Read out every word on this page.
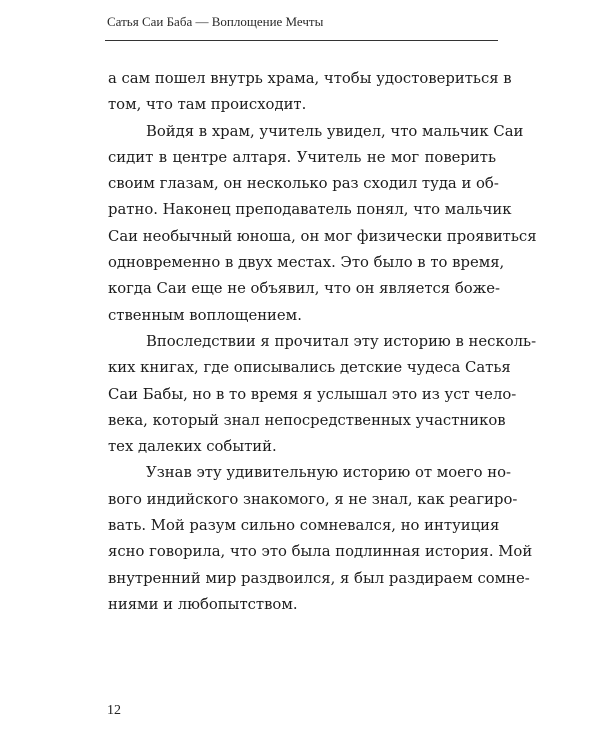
Сатья Саи Баба — Воплощение Мечты

а сам пошел внутрь храма, чтобы удостовериться в
том, что там происходит.

Войдя в храм, учитель увидел, что мальчик Саи
сидит в центре алтаря. Учитель не мог поверить
своим глазам, он несколько раз сходил туда и об-
ратно. Наконец преподаватель понял, что мальчик
Саи необычный юноша, он мог физически проявиться
одновременно в двух местах. Это было в то время,
когда Саи еще не объявил, что он является боже-
ственным воплощением.

Впоследствии я прочитал эту историю в несколь-
ких книгах, где описывались детские чудеса Сатья
Саи Бабы, но в то время я услышал это из уст чело-
века, который знал непосредственных участников
тех далеких событий.

Узнав эту удивительную историю от моего но-
вого индийского знакомого, я не знал, как реагиро-
вать. Мой разум сильно сомневался, но интуиция
ясно говорила, что это была подлинная история. Мой
внутренний мир раздвоился, я был раздираем сомне-
ниями и любопытством.

12
